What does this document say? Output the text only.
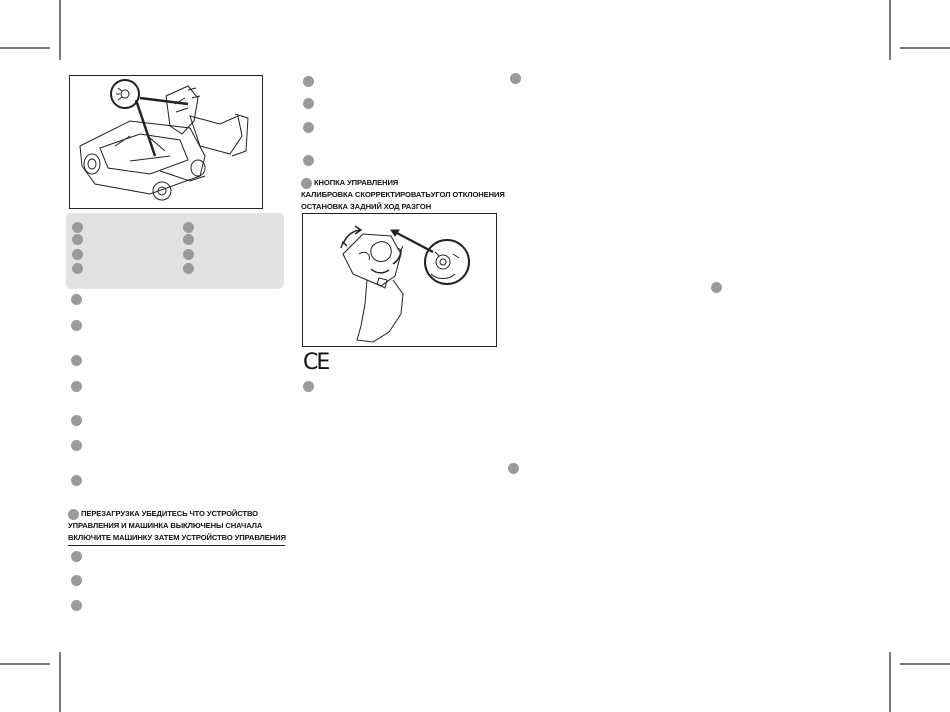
ПЕРЕЗАГРУЗКА УБЕДИТЕСЬ ЧТО УСТРОЙСТВО
УПРАВЛЕНИЯ И МАШИНКА ВЫКЛЮЧЕНЫ СНАЧАЛА
ВКЛЮЧИТЕ МАШИНКУ ЗАТЕМ УСТРОЙСТВО УПРАВЛЕНИЯ
КНОПКА УПРАВЛЕНИЯ
КАЛИБРОВКА СКОРРЕКТИРОВАТЬУГОЛ ОТКЛОНЕНИЯ
ОСТАНОВКА ЗАДНИЙ ХОД РАЗГОН
CE
